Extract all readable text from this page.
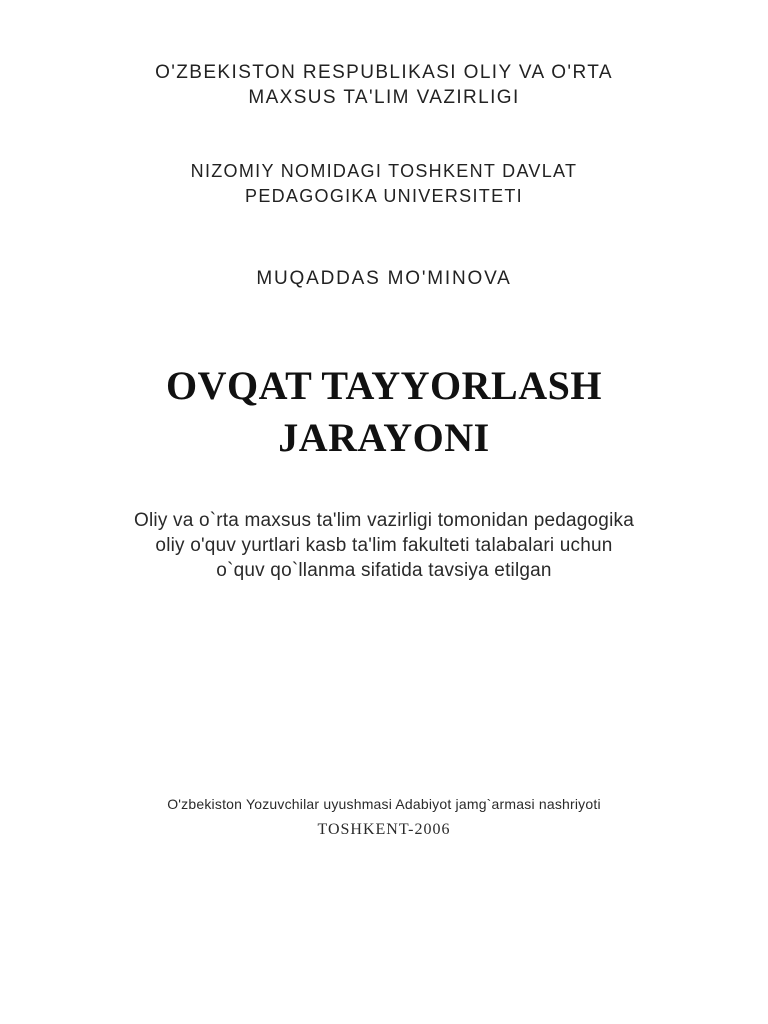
O'ZBEKISTON RESPUBLIKASI OLIY VA O'RTA
MAXSUS TA'LIM VAZIRLIGI
NIZOMIY NOMIDAGI TOSHKENT DAVLAT
PEDAGOGIKA UNIVERSITETI
MUQADDAS MO'MINOVA
OVQAT TAYYORLASH
JARAYONI
Oliy va o`rta maxsus ta'lim vazirligi tomonidan pedagogika
oliy o'quv yurtlari kasb ta'lim fakulteti talabalari uchun
o`quv qo`llanma sifatida tavsiya etilgan
O'zbekiston Yozuvchilar uyushmasi Adabiyot jamg`armasi nashriyoti
TOSHKENT-2006
